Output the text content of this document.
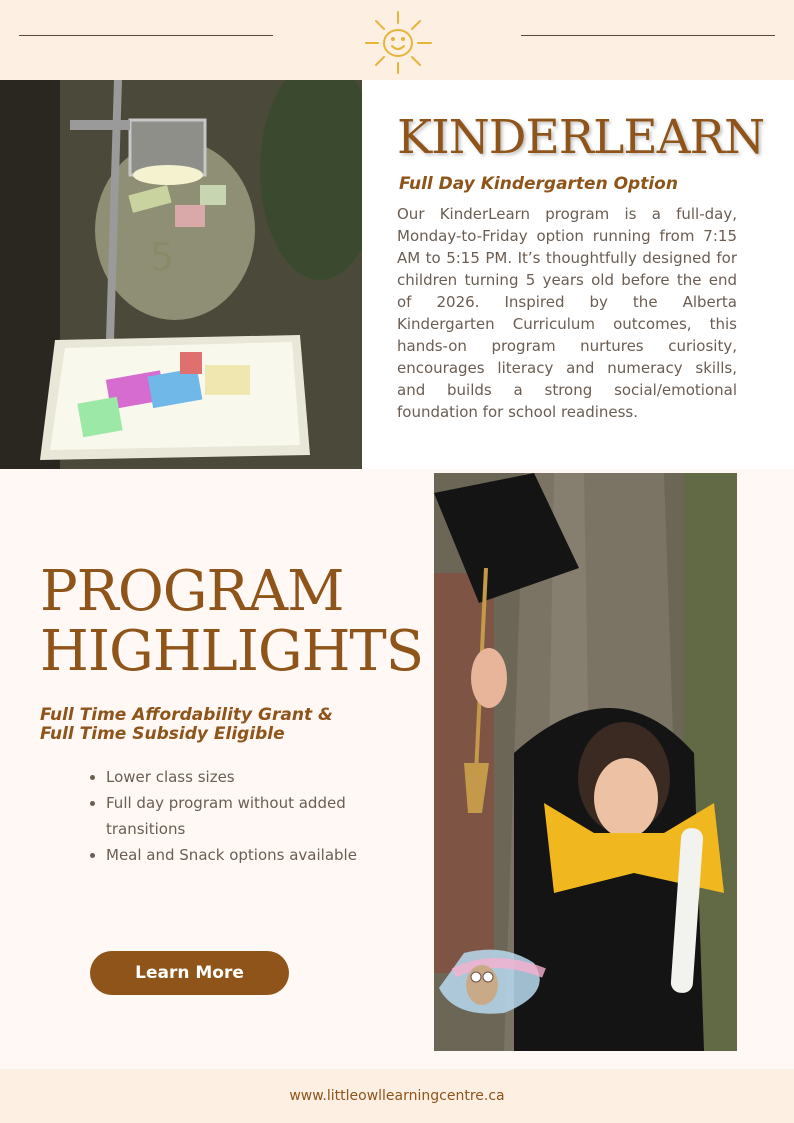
5
KINDERLEARN
Full Day Kindergarten Option

Our KinderLearn program is a full-day, Monday-to-Friday option running from 7:15 AM to 5:15 PM. It’s thoughtfully designed for children turning 5 years old before the end of 2026. Inspired by the Alberta Kindergarten Curriculum outcomes, this hands-on program nurtures curiosity, encourages literacy and numeracy skills, and builds a strong social/emotional foundation for school readiness.

PROGRAM
HIGHLIGHTS
Full Time Affordability Grant &
Full Time Subsidy Eligible
• Lower class sizes
• Full day program without added transitions
• Meal and Snack options available
Learn More
www.littleowllearningcentre.ca
